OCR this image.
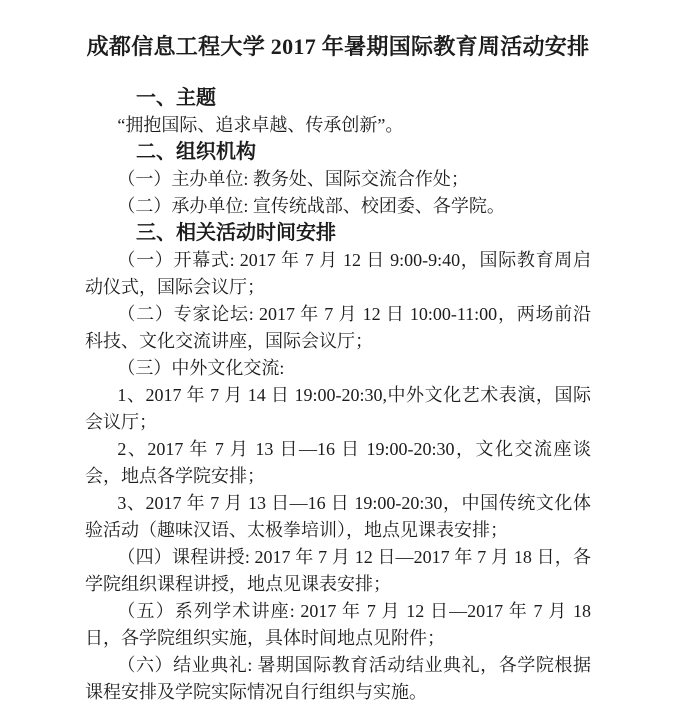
成都信息工程大学 2017 年暑期国际教育周活动安排

一、主题

“拥抱国际、追求卓越、传承创新”。

二、组织机构

（一）主办单位: 教务处、国际交流合作处；

（二）承办单位: 宣传统战部、校团委、各学院。

三、相关活动时间安排

（一）开幕式: 2017 年 7 月 12 日 9:00-9:40，国际教育周启动仪式，国际会议厅；

（二）专家论坛: 2017 年 7 月 12 日 10:00-11:00，两场前沿科技、文化交流讲座，国际会议厅；

（三）中外文化交流:

1、2017 年 7 月 14 日 19:00-20:30,中外文化艺术表演，国际会议厅；

2、2017 年 7 月 13 日—16 日 19:00-20:30，文化交流座谈会，地点各学院安排；

3、2017 年 7 月 13 日—16 日 19:00-20:30，中国传统文化体验活动（趣味汉语、太极拳培训），地点见课表安排；

（四）课程讲授: 2017 年 7 月 12 日—2017 年 7 月 18 日，各学院组织课程讲授，地点见课表安排；

（五）系列学术讲座: 2017 年 7 月 12 日—2017 年 7 月 18 日，各学院组织实施，具体时间地点见附件；

（六）结业典礼: 暑期国际教育活动结业典礼，各学院根据课程安排及学院实际情况自行组织与实施。
